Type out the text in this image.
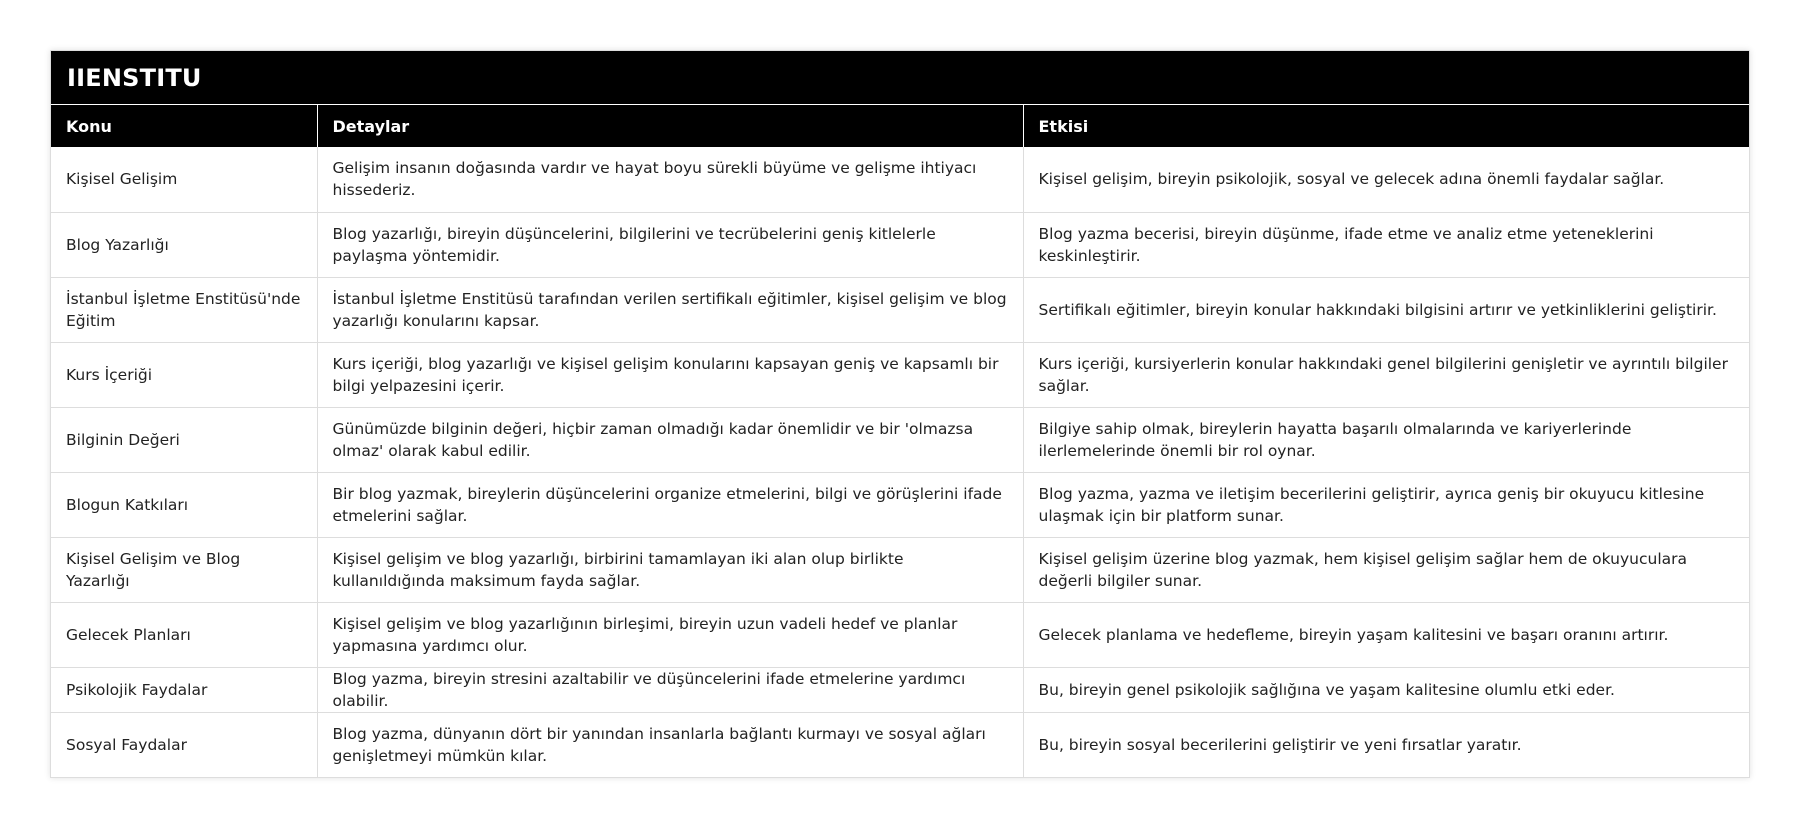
IIENSTITU
Konu	Detaylar	Etkisi
Kişisel Gelişim	Gelişim insanın doğasında vardır ve hayat boyu sürekli büyüme ve gelişme ihtiyacı hissederiz.	Kişisel gelişim, bireyin psikolojik, sosyal ve gelecek adına önemli faydalar sağlar.
Blog Yazarlığı	Blog yazarlığı, bireyin düşüncelerini, bilgilerini ve tecrübelerini geniş kitlelerle paylaşma yöntemidir.	Blog yazma becerisi, bireyin düşünme, ifade etme ve analiz etme yeteneklerini keskinleştirir.
İstanbul İşletme Enstitüsü'nde Eğitim	İstanbul İşletme Enstitüsü tarafından verilen sertifikalı eğitimler, kişisel gelişim ve blog yazarlığı konularını kapsar.	Sertifikalı eğitimler, bireyin konular hakkındaki bilgisini artırır ve yetkinliklerini geliştirir.
Kurs İçeriği	Kurs içeriği, blog yazarlığı ve kişisel gelişim konularını kapsayan geniş ve kapsamlı bir bilgi yelpazesini içerir.	Kurs içeriği, kursiyerlerin konular hakkındaki genel bilgilerini genişletir ve ayrıntılı bilgiler sağlar.
Bilginin Değeri	Günümüzde bilginin değeri, hiçbir zaman olmadığı kadar önemlidir ve bir 'olmazsa olmaz' olarak kabul edilir.	Bilgiye sahip olmak, bireylerin hayatta başarılı olmalarında ve kariyerlerinde ilerlemelerinde önemli bir rol oynar.
Blogun Katkıları	Bir blog yazmak, bireylerin düşüncelerini organize etmelerini, bilgi ve görüşlerini ifade etmelerini sağlar.	Blog yazma, yazma ve iletişim becerilerini geliştirir, ayrıca geniş bir okuyucu kitlesine ulaşmak için bir platform sunar.
Kişisel Gelişim ve Blog Yazarlığı	Kişisel gelişim ve blog yazarlığı, birbirini tamamlayan iki alan olup birlikte kullanıldığında maksimum fayda sağlar.	Kişisel gelişim üzerine blog yazmak, hem kişisel gelişim sağlar hem de okuyuculara değerli bilgiler sunar.
Gelecek Planları	Kişisel gelişim ve blog yazarlığının birleşimi, bireyin uzun vadeli hedef ve planlar yapmasına yardımcı olur.	Gelecek planlama ve hedefleme, bireyin yaşam kalitesini ve başarı oranını artırır.
Psikolojik Faydalar	Blog yazma, bireyin stresini azaltabilir ve düşüncelerini ifade etmelerine yardımcı olabilir.	Bu, bireyin genel psikolojik sağlığına ve yaşam kalitesine olumlu etki eder.
Sosyal Faydalar	Blog yazma, dünyanın dört bir yanından insanlarla bağlantı kurmayı ve sosyal ağları genişletmeyi mümkün kılar.	Bu, bireyin sosyal becerilerini geliştirir ve yeni fırsatlar yaratır.
